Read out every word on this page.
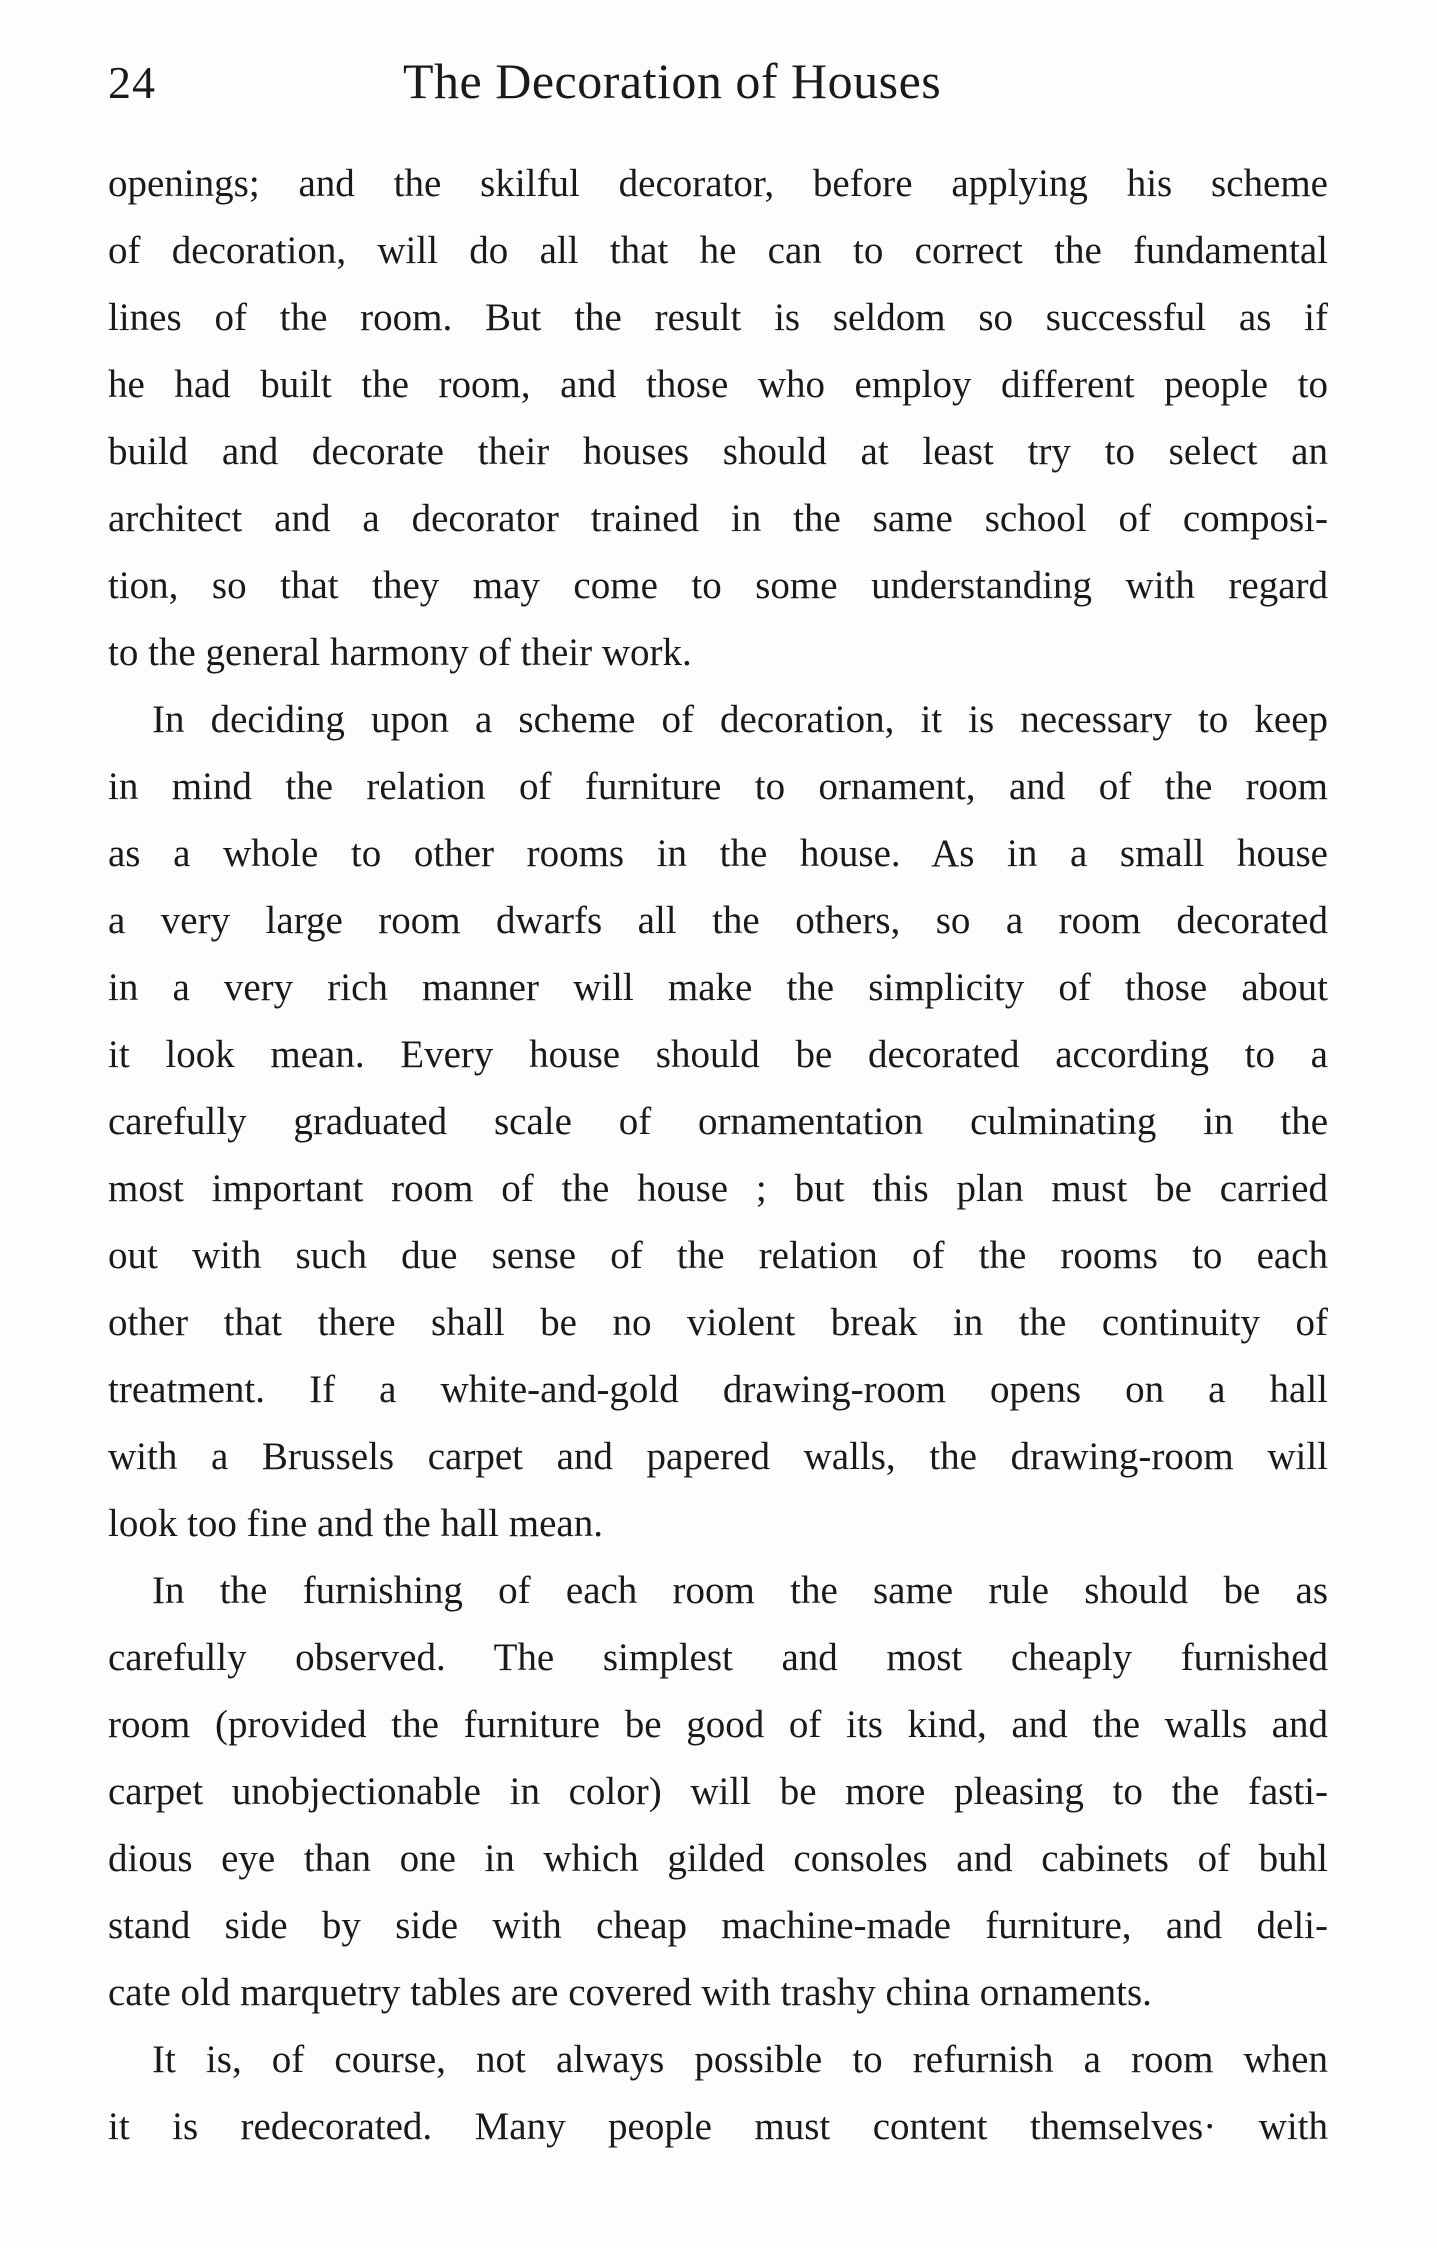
24	The Decoration of Houses
openings; and the skilful decorator, before applying his scheme
of decoration, will do all that he can to correct the fundamental
lines of the room. But the result is seldom so successful as if
he had built the room, and those who employ different people to
build and decorate their houses should at least try to select an
architect and a decorator trained in the same school of composi-
tion, so that they may come to some understanding with regard
to the general harmony of their work.
In deciding upon a scheme of decoration, it is necessary to keep
in mind the relation of furniture to ornament, and of the room
as a whole to other rooms in the house. As in a small house
a very large room dwarfs all the others, so a room decorated
in a very rich manner will make the simplicity of those about
it look mean. Every house should be decorated according to a
carefully graduated scale of ornamentation culminating in the
most important room of the house ; but this plan must be carried
out with such due sense of the relation of the rooms to each
other that there shall be no violent break in the continuity of
treatment. If a white-and-gold drawing-room opens on a hall
with a Brussels carpet and papered walls, the drawing-room will
look too fine and the hall mean.
In the furnishing of each room the same rule should be as
carefully observed. The simplest and most cheaply furnished
room (provided the furniture be good of its kind, and the walls and
carpet unobjectionable in color) will be more pleasing to the fasti-
dious eye than one in which gilded consoles and cabinets of buhl
stand side by side with cheap machine-made furniture, and deli-
cate old marquetry tables are covered with trashy china ornaments.
It is, of course, not always possible to refurnish a room when
it is redecorated. Many people must content themselves· with
